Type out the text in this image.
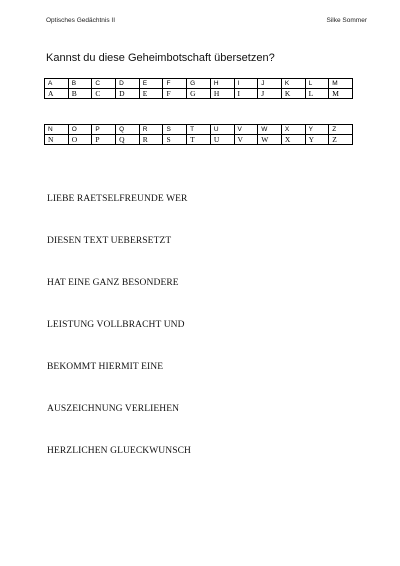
Optisches Gedächtnis II	Silke Sommer
Kannst du diese Geheimbotschaft übersetzen?
A	B	C	D	E	F	G	H	I	J	K	L	M
A	B	C	D	E	F	G	H	I	J	K	L	M
N	O	P	Q	R	S	T	U	V	W	X	Y	Z
N	O	P	Q	R	S	T	U	V	W	X	Y	Z
LIEBE RAETSELFREUNDE WER
DIESEN TEXT UEBERSETZT
HAT EINE GANZ BESONDERE
LEISTUNG VOLLBRACHT UND
BEKOMMT HIERMIT EINE
AUSZEICHNUNG VERLIEHEN
HERZLICHEN GLUECKWUNSCH
